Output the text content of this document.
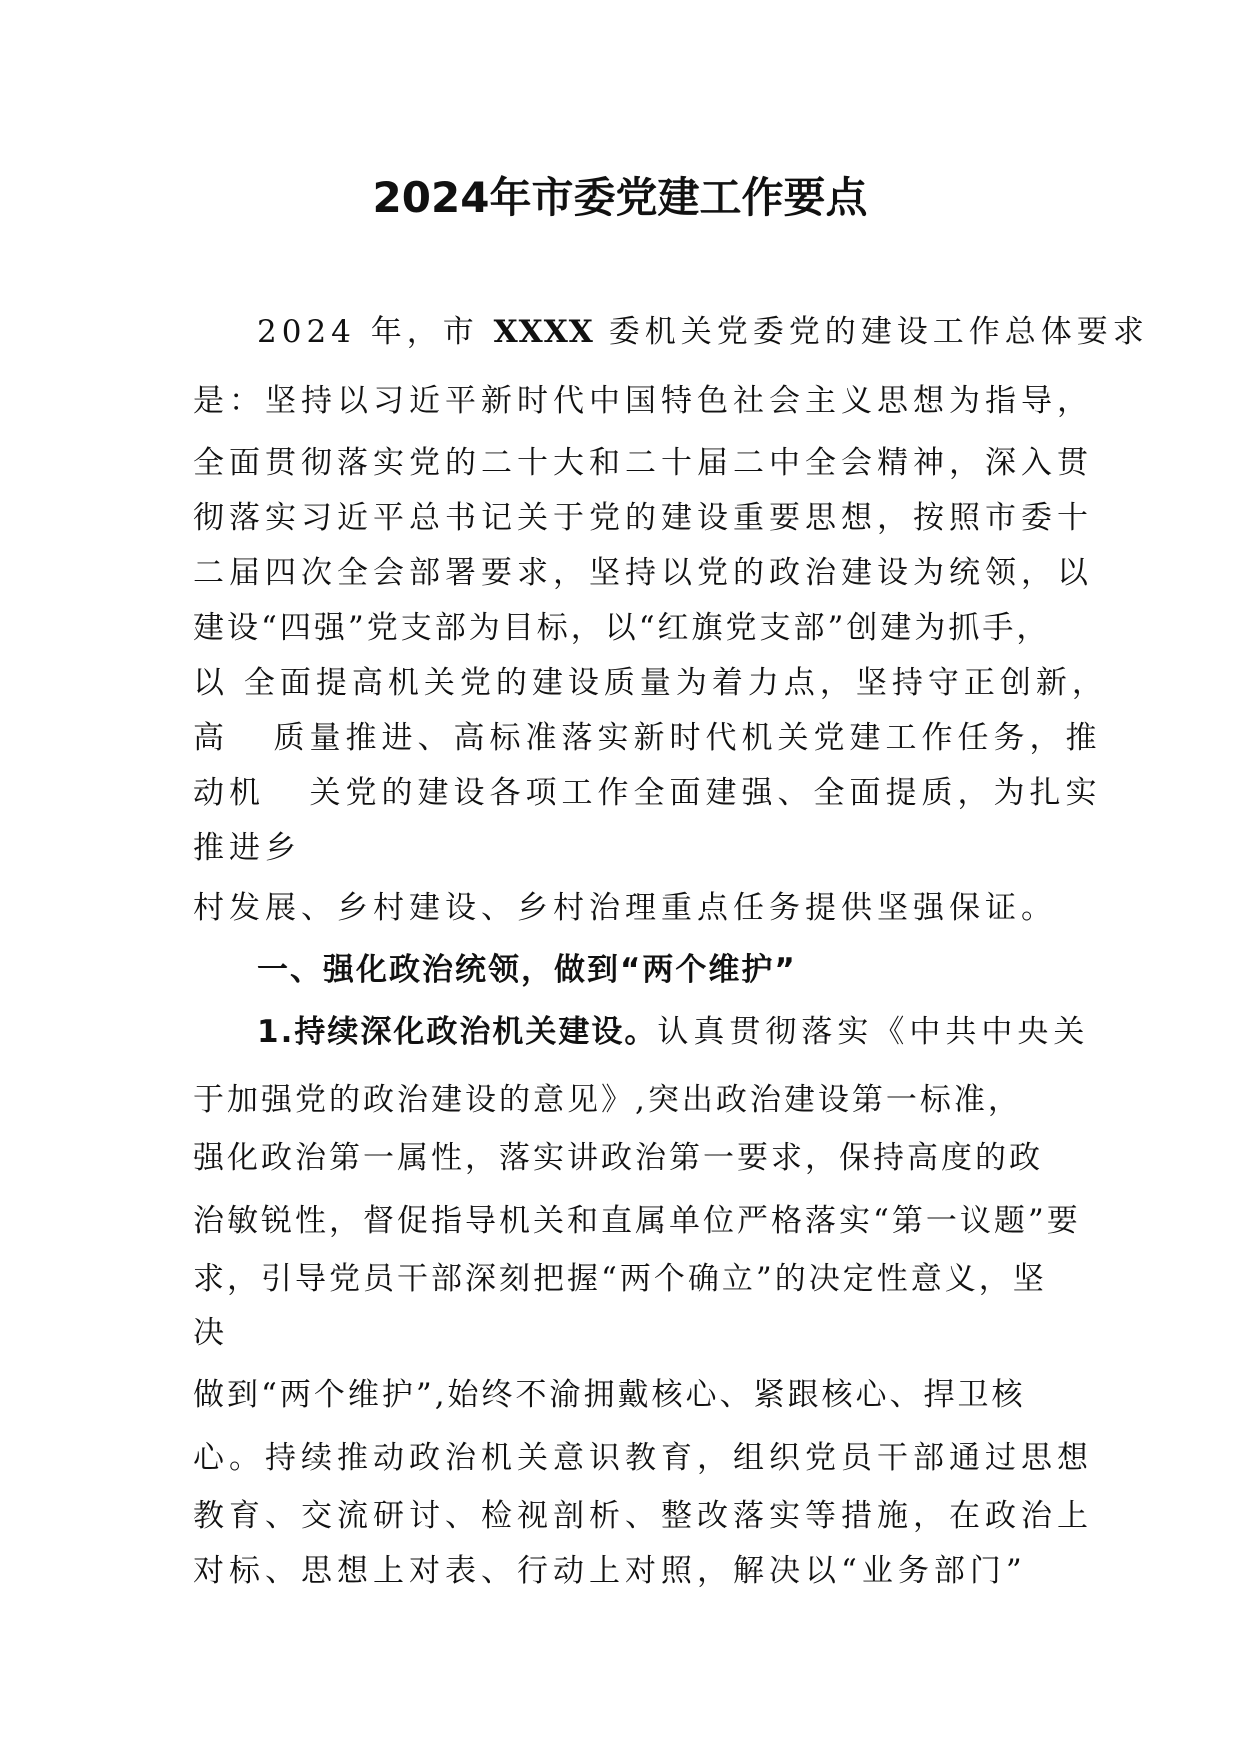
2024年市委党建工作要点
2024 年，市 XXXX 委机关党委党的建设工作总体要求
是：坚持以习近平新时代中国特色社会主义思想为指导，
全面贯彻落实党的二十大和二十届二中全会精神，深入贯
彻落实习近平总书记关于党的建设重要思想，按照市委十
二届四次全会部署要求，坚持以党的政治建设为统领，以
建设“四强”党支部为目标，以“红旗党支部”创建为抓手，
以 全面提高机关党的建设质量为着力点，坚持守正创新，
高   质量推进、高标准落实新时代机关党建工作任务，推
动机   关党的建设各项工作全面建强、全面提质，为扎实
推进乡
村发展、乡村建设、乡村治理重点任务提供坚强保证。
一、强化政治统领，做到“两个维护”
1.持续深化政治机关建设。认真贯彻落实《中共中央关
于加强党的政治建设的意见》,突出政治建设第一标准，
强化政治第一属性，落实讲政治第一要求，保持高度的政
治敏锐性，督促指导机关和直属单位严格落实“第一议题”要
求，引导党员干部深刻把握“两个确立”的决定性意义，坚
决
做到“两个维护”,始终不渝拥戴核心、紧跟核心、捍卫核
心。持续推动政治机关意识教育，组织党员干部通过思想
教育、交流研讨、检视剖析、整改落实等措施，在政治上
对标、思想上对表、行动上对照，解决以“业务部门”
